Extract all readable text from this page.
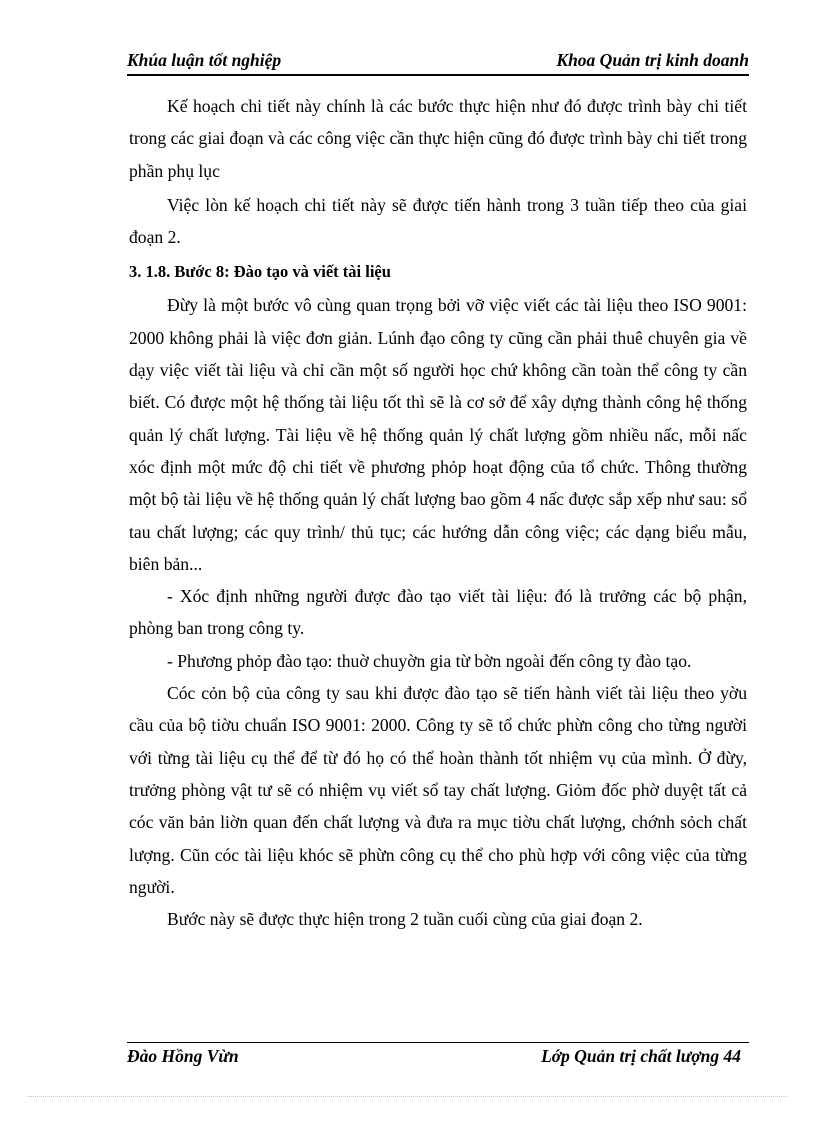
Khúa luận tốt nghiệp	Khoa Quản trị kinh doanh

Kế hoạch chi tiết này chính là các bước thực hiện như đó được trình bày chi tiết trong các giai đoạn và các công việc cần thực hiện cũng đó được trình bày chi tiết trong phần phụ lục

Việc lòn kế hoạch chi tiết này sẽ được tiến hành trong 3 tuần tiếp theo của giai đoạn 2.

3. 1.8. Bước 8: Đào tạo và viết tài liệu

Đừy là một bước vô cùng quan trọng bởi vỡ việc viết các tài liệu theo ISO 9001: 2000 không phải là việc đơn giản. Lúnh đạo công ty cũng cần phải thuê chuyên gia về dạy việc viết tài liệu và chỉ cần một số người học chứ không cần toàn thể công ty cần biết. Có được một hệ thống tài liệu tốt thì sẽ là cơ sở để xây dựng thành công hệ thống quản lý chất lượng. Tài liệu về hệ thống quản lý chất lượng gồm nhiều nấc, mỗi nấc xóc định một mức độ chi tiết về phương phỏp hoạt động của tổ chức. Thông thường một bộ tài liệu về hệ thống quản lý chất lượng bao gồm 4 nấc được sắp xếp như sau: sổ tau chất lượng; các quy trình/ thủ tục; các hướng dẫn công việc; các dạng biểu mẫu, biên bản...

- Xóc định những người được đào tạo viết tài liệu: đó là trưởng các bộ phận, phòng ban trong công ty.

- Phương phỏp đào tạo: thuờ chuyờn gia từ bờn ngoài đến công ty đào tạo.

Cóc cỏn bộ của công ty sau khi được đào tạo sẽ tiến hành viết tài liệu theo yờu cầu của bộ tiờu chuẩn ISO 9001: 2000. Công ty sẽ tổ chức phừn công cho từng người với từng tài liệu cụ thể để từ đó họ có thể hoàn thành tốt nhiệm vụ của mình. Ở đừy, trưởng phòng vật tư sẽ có nhiệm vụ viết sổ tay chất lượng. Giỏm đốc phờ duyệt tất cả cóc văn bản liờn quan đến chất lượng và đưa ra mục tiờu chất lượng, chớnh sỏch chất lượng. Cũn cóc tài liệu khóc sẽ phừn công cụ thể cho phù hợp với công việc của từng người.

Bước này sẽ được thực hiện trong 2 tuần cuối cùng của giai đoạn 2.

Đào Hồng Vừn	Lớp Quản trị chất lượng 44
